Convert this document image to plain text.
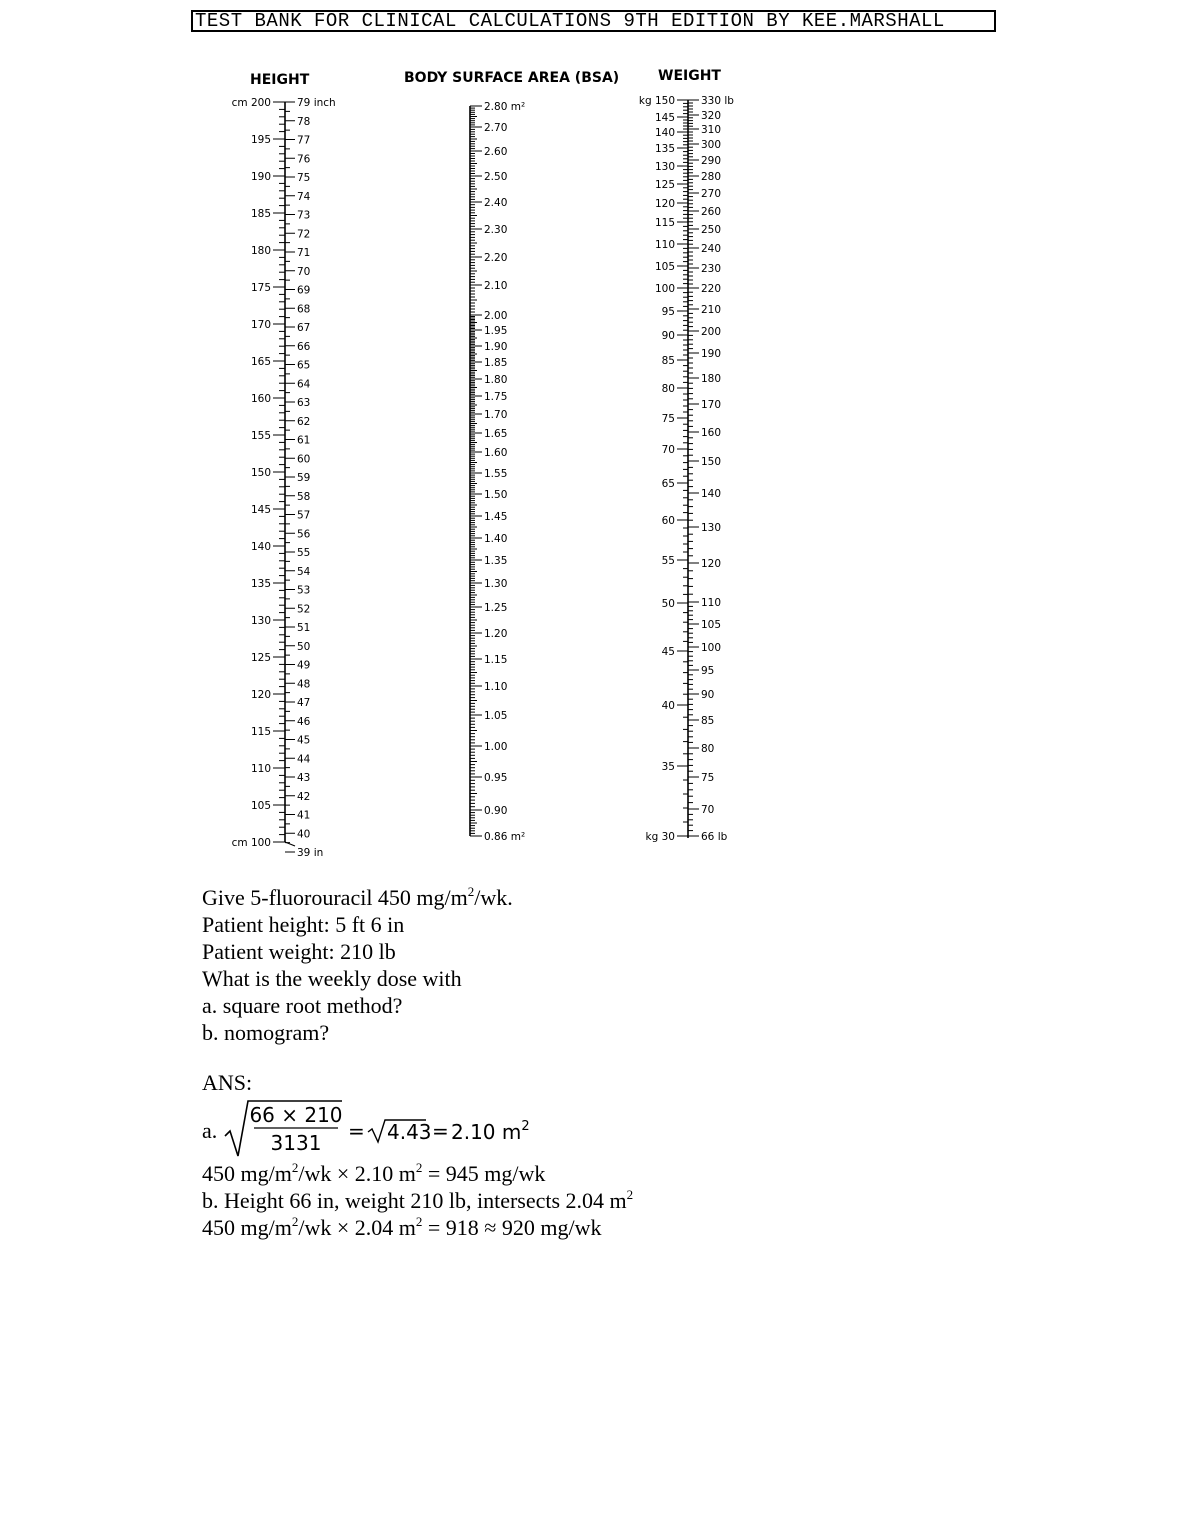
TEST BANK FOR CLINICAL CALCULATIONS 9TH EDITION BY KEE.MARSHALL
HEIGHT	BODY SURFACE AREA (BSA)	WEIGHT
cm 200
195
190
185
180
175
170
165
160
155
150
145
140
135
130
125
120
115
110
105
cm 100
79 inch
78
77
76
75
74
73
72
71
70
69
68
67
66
65
64
63
62
61
60
59
58
57
56
55
54
53
52
51
50
49
48
47
46
45
44
43
42
41
40
39 in
2.80 m²
2.70
2.60
2.50
2.40
2.30
2.20
2.10
2.00
1.95
1.90
1.85
1.80
1.75
1.70
1.65
1.60
1.55
1.50
1.45
1.40
1.35
1.30
1.25
1.20
1.15
1.10
1.05
1.00
0.95
0.90
0.86 m²
kg 150
145
140
135
130
125
120
115
110
105
100
95
90
85
80
75
70
65
60
55
50
45
40
35
kg 30
330 lb
320
310
300
290
280
270
260
250
240
230
220
210
200
190
180
170
160
150
140
130
120
110
105
100
95
90
85
80
75
70
66 lb
Give 5-fluorouracil 450 $mg/m^2/wk$.
Patient height: 5 ft 6 in
Patient weight: 210 lb
What is the weekly dose with
a. square root method?
b. nomogram?
ANS:
a.
66 × 210
3131 = 4.43 = 2.10 $m^2$
450 $mg/m^2/wk \times 2.10$ $m^2 = 945$ mg/wk
b. Height 66 in, weight 210 lb, intersects 2.04 $m^2$
450 $mg/m^2/wk \times 2.04$ $m^2 = 918 \approx 920$ mg/wk
